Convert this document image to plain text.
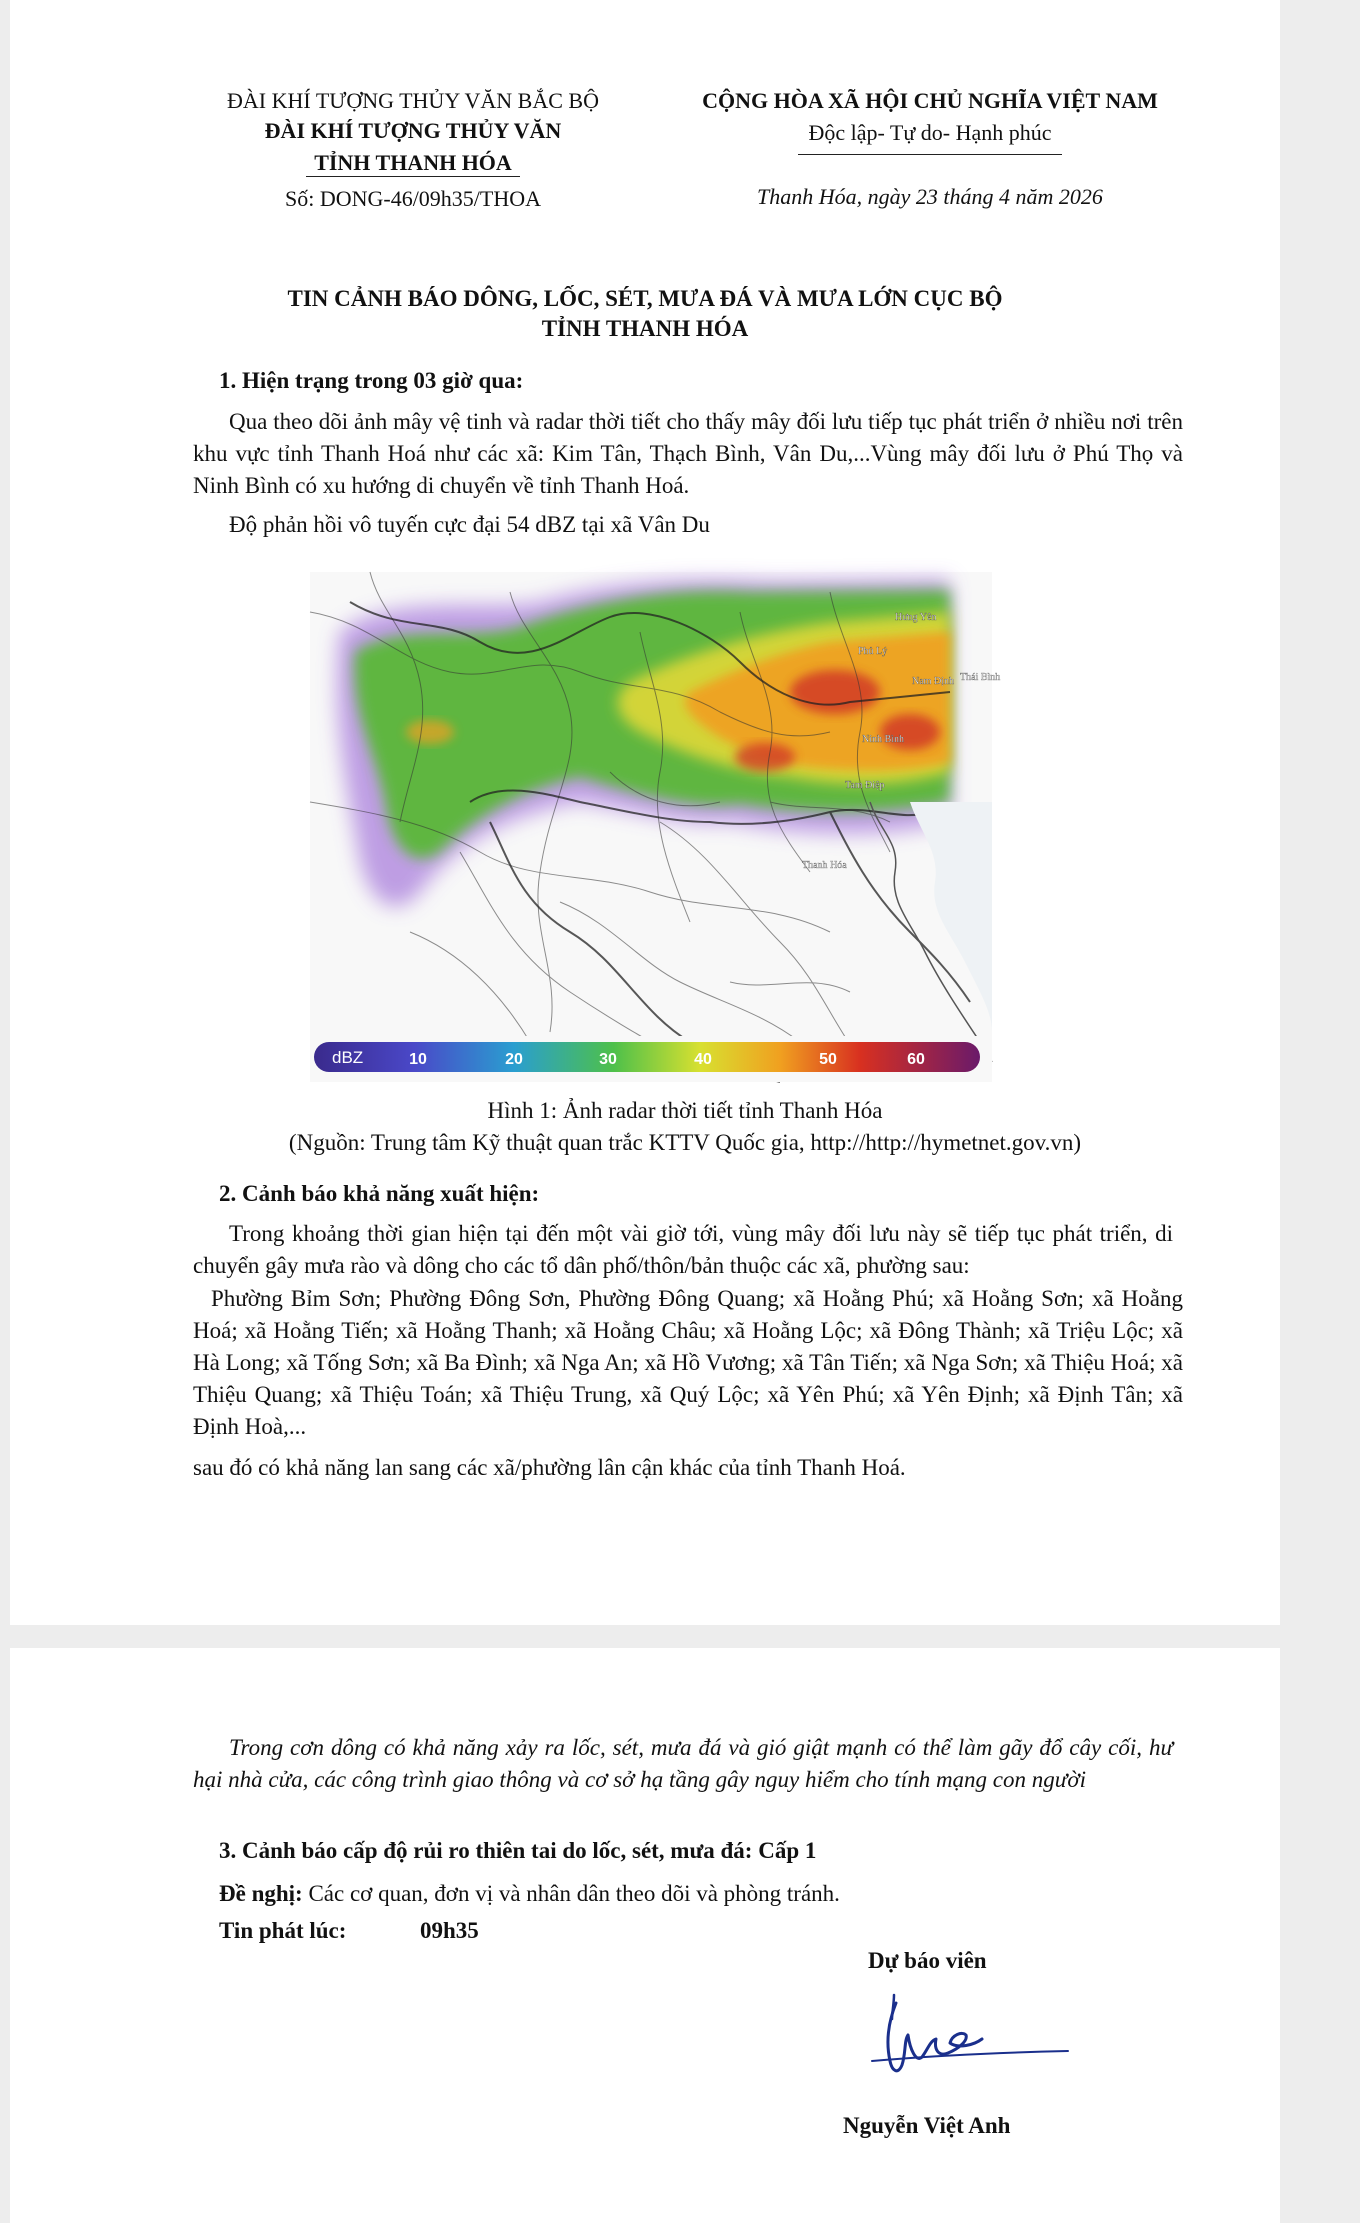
ĐÀI KHÍ TƯỢNG THỦY VĂN BẮC BỘ
ĐÀI KHÍ TƯỢNG THỦY VĂN
TỈNH THANH HÓA
Số: DONG-46/09h35/THOA
CỘNG HÒA XÃ HỘI CHỦ NGHĨA VIỆT NAM
Độc lập- Tự do- Hạnh phúc
Thanh Hóa, ngày 23 tháng 4 năm 2026
TIN CẢNH BÁO DÔNG, LỐC, SÉT, MƯA ĐÁ VÀ MƯA LỚN CỤC BỘ
TỈNH THANH HÓA
1. Hiện trạng trong 03 giờ qua:
Qua theo dõi ảnh mây vệ tinh và radar thời tiết cho thấy mây đối lưu tiếp tục phát triển ở nhiều nơi trên khu vực tỉnh Thanh Hoá như các xã: Kim Tân, Thạch Bình, Vân Du,...Vùng mây đối lưu ở Phú Thọ và Ninh Bình có xu hướng di chuyển về tỉnh Thanh Hoá.
Độ phản hồi vô tuyến cực đại 54 dBZ tại xã Vân Du
Hưng Yên
Phủ Lý
Nam Định Thái Bình
Ninh Bình
Tam Điệp
Thanh Hóa
dBZ	10	20	30	40	50	60
Hình 1: Ảnh radar thời tiết tỉnh Thanh Hóa
(Nguồn: Trung tâm Kỹ thuật quan trắc KTTV Quốc gia, http://http://hymetnet.gov.vn)
2. Cảnh báo khả năng xuất hiện:
Trong khoảng thời gian hiện tại đến một vài giờ tới, vùng mây đối lưu này sẽ tiếp tục phát triển, di chuyển gây mưa rào và dông cho các tổ dân phố/thôn/bản thuộc các xã, phường sau:
Phường Bỉm Sơn; Phường Đông Sơn, Phường Đông Quang; xã Hoằng Phú; xã Hoằng Sơn; xã Hoằng Hoá; xã Hoằng Tiến; xã Hoằng Thanh; xã Hoằng Châu; xã Hoằng Lộc; xã Đông Thành; xã Triệu Lộc; xã Hà Long; xã Tống Sơn; xã Ba Đình; xã Nga An; xã Hồ Vương; xã Tân Tiến; xã Nga Sơn; xã Thiệu Hoá; xã Thiệu Quang; xã Thiệu Toán; xã Thiệu Trung, xã Quý Lộc; xã Yên Phú; xã Yên Định; xã Định Tân; xã Định Hoà,...
sau đó có khả năng lan sang các xã/phường lân cận khác của tỉnh Thanh Hoá.
Trong cơn dông có khả năng xảy ra lốc, sét, mưa đá và gió giật mạnh có thể làm gãy đổ cây cối, hư hại nhà cửa, các công trình giao thông và cơ sở hạ tầng gây nguy hiểm cho tính mạng con người
3. Cảnh báo cấp độ rủi ro thiên tai do lốc, sét, mưa đá: Cấp 1
Đề nghị: Các cơ quan, đơn vị và nhân dân theo dõi và phòng tránh.
Tin phát lúc:	09h35
Dự báo viên
Nguyễn Việt Anh
